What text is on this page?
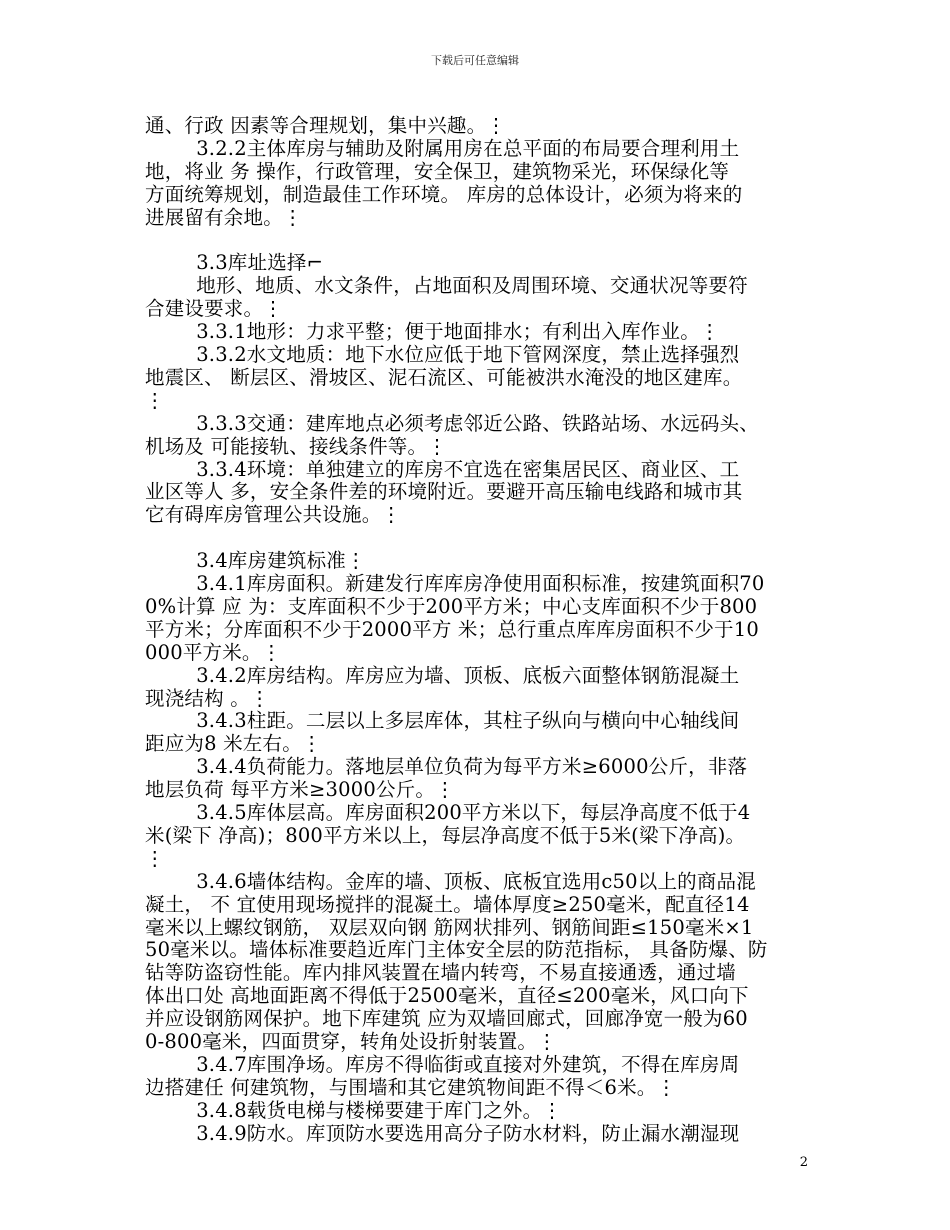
下载后可任意编辑
通、行政 因素等合理规划，集中兴趣。⋮
3.2.2主体库房与辅助及附属用房在总平面的布局要合理利用土
地，将业 务 操作，行政管理，安全保卫，建筑物采光，环保绿化等
方面统筹规划，制造最佳工作环境。 库房的总体设计，必须为将来的
进展留有余地。⋮
3.3库址选择⌐
地形、地质、水文条件，占地面积及周围环境、交通状况等要符
合建设要求。⋮
3.3.1地形：力求平整；便于地面排水；有利出入库作业。⋮
3.3.2水文地质：地下水位应低于地下管网深度，禁止选择强烈
地震区、 断层区、滑坡区、泥石流区、可能被洪水淹没的地区建库。
⋮
3.3.3交通：建库地点必须考虑邻近公路、铁路站场、水远码头、
机场及 可能接轨、接线条件等。⋮
3.3.4环境：单独建立的库房不宜选在密集居民区、商业区、工
业区等人 多，安全条件差的环境附近。要避开高压输电线路和城市其
它有碍库房管理公共设施。⋮
3.4库房建筑标准⋮
3.4.1库房面积。新建发行库库房净使用面积标准，按建筑面积70
0%计算 应 为：支库面积不少于200平方米；中心支库面积不少于800
平方米；分库面积不少于2000平方 米；总行重点库库房面积不少于10
000平方米。⋮
3.4.2库房结构。库房应为墙、顶板、底板六面整体钢筋混凝土
现浇结构 。⋮
3.4.3柱距。二层以上多层库体，其柱子纵向与横向中心轴线间
距应为8 米左右。⋮
3.4.4负荷能力。落地层单位负荷为每平方米≥6000公斤，非落
地层负荷 每平方米≥3000公斤。⋮
3.4.5库体层高。库房面积200平方米以下，每层净高度不低于4
米(梁下 净高)；800平方米以上，每层净高度不低于5米(梁下净高)。
⋮
3.4.6墙体结构。金库的墙、顶板、底板宜选用c50以上的商品混
凝土， 不 宜使用现场搅拌的混凝土。墙体厚度≥250毫米，配直径14
毫米以上螺纹钢筋， 双层双向钢 筋网状排列、钢筋间距≤150毫米×1
50毫米以。墙体标准要趋近库门主体安全层的防范指标， 具备防爆、防
钻等防盗窃性能。库内排风装置在墙内转弯，不易直接通透，通过墙
体出口处 高地面距离不得低于2500毫米，直径≤200毫米，风口向下
并应设钢筋网保护。地下库建筑 应为双墙回廊式，回廊净宽一般为60
0-800毫米，四面贯穿，转角处设折射装置。⋮
3.4.7库围净场。库房不得临街或直接对外建筑，不得在库房周
边搭建任 何建筑物，与围墙和其它建筑物间距不得＜6米。⋮
3.4.8载货电梯与楼梯要建于库门之外。⋮
3.4.9防水。库顶防水要选用高分子防水材料，防止漏水潮湿现
2
